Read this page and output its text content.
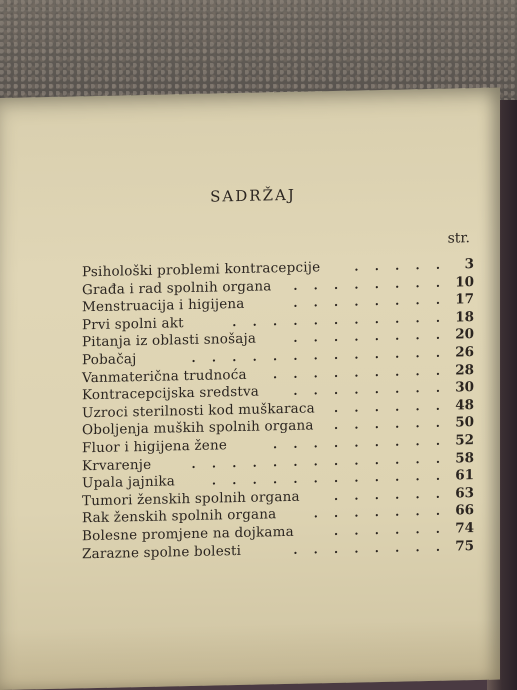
SADRŽAJ
str.
Psihološki problemi kontracepcije	. . . . .	3
Građa i rad spolnih organa . . . . . . . . 10
Menstruacija i higijena	. . . . . . . . 17
Prvi spolni akt	. . . . . . . . . . . 18
Pitanja iz oblasti snošaja	. . . . . . . . 20
Pobačaj	. . . . . . . . . . . . . 26
Vanmaterična trudnoća . . . . . . . . . 28
Kontracepcijska sredstva	. . . . . . . . 30
Uzroci sterilnosti kod muškaraca . . . . . . 48
Oboljenja muških spolnih organa . . . . . . 50
Fluor i higijena žene	. . . . . . . . . 52
Krvarenje	. . . . . . . . . . . . . 58
Upala jajnika	. . . . . . . . . . . . 61
Tumori ženskih spolnih organa	. . . . . . 63
Rak ženskih spolnih organa	. . . . . . . 66
Bolesne promjene na dojkama	. . . . . . 74
Zarazne spolne bolesti	. . . . . . . . 75
